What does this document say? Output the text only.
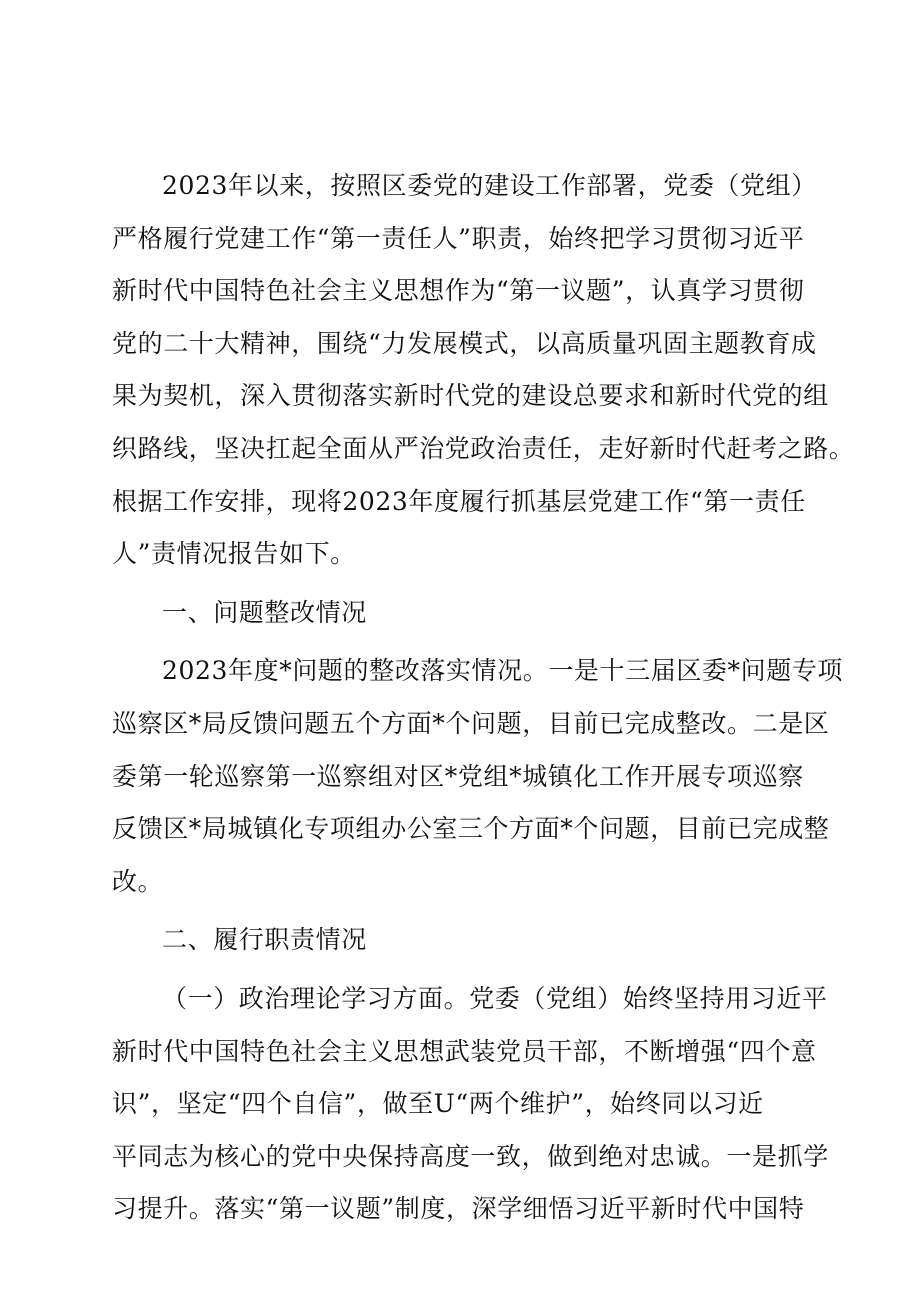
2023年以来，按照区委党的建设工作部署，党委（党组）
严格履行党建工作“第一责任人”职责，始终把学习贯彻习近平
新时代中国特色社会主义思想作为“第一议题”，认真学习贯彻
党的二十大精神，围绕“力发展模式，以高质量巩固主题教育成
果为契机，深入贯彻落实新时代党的建设总要求和新时代党的组
织路线，坚决扛起全面从严治党政治责任，走好新时代赶考之路。
根据工作安排，现将2023年度履行抓基层党建工作“第一责任
人”责情况报告如下。
一、问题整改情况
2023年度*问题的整改落实情况。一是十三届区委*问题专项
巡察区*局反馈问题五个方面*个问题，目前已完成整改。二是区
委第一轮巡察第一巡察组对区*党组*城镇化工作开展专项巡察
反馈区*局城镇化专项组办公室三个方面*个问题，目前已完成整
改。
二、履行职责情况
（一）政治理论学习方面。党委（党组）始终坚持用习近平
新时代中国特色社会主义思想武装党员干部，不断增强“四个意
识”，坚定“四个自信”，做至U“两个维护”，始终同以习近
平同志为核心的党中央保持高度一致，做到绝对忠诚。一是抓学
习提升。落实“第一议题”制度，深学细悟习近平新时代中国特
